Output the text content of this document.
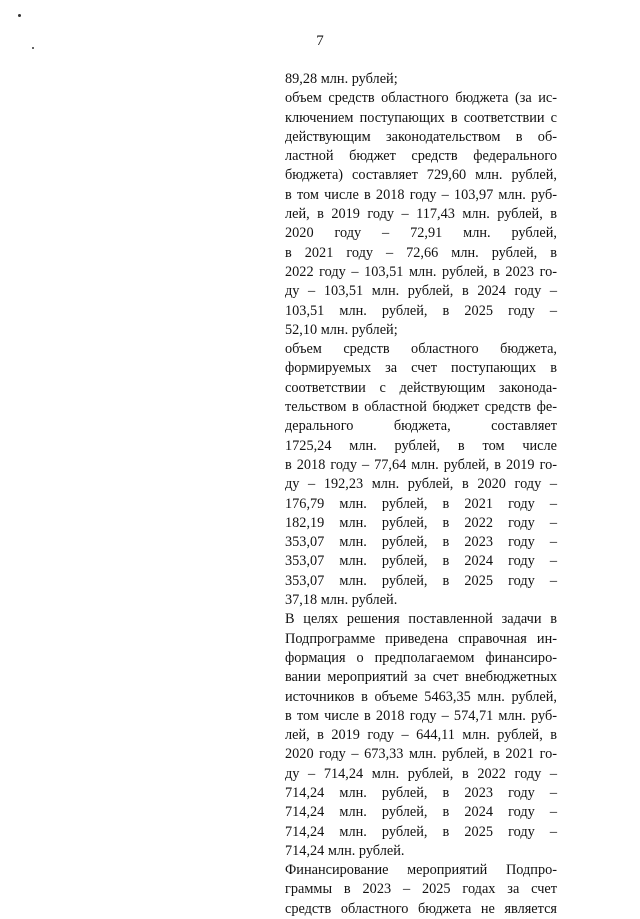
7
89,28 млн. рублей;
объем средств областного бюджета (за ис-
ключением поступающих в соответствии с
действующим законодательством в об-
ластной бюджет средств федерального
бюджета) составляет 729,60 млн. рублей,
в том числе в 2018 году – 103,97 млн. руб-
лей, в 2019 году – 117,43 млн. рублей, в
2020 году – 72,91 млн. рублей,
в 2021 году – 72,66 млн. рублей, в
2022 году – 103,51 млн. рублей, в 2023 го-
ду – 103,51 млн. рублей, в 2024 году –
103,51 млн. рублей, в 2025 году –
52,10 млн. рублей;
объем средств областного бюджета,
формируемых за счет поступающих в
соответствии с действующим законода-
тельством в областной бюджет средств фе-
дерального бюджета, составляет
1725,24 млн. рублей, в том числе
в 2018 году – 77,64 млн. рублей, в 2019 го-
ду – 192,23 млн. рублей, в 2020 году –
176,79 млн. рублей, в 2021 году –
182,19 млн. рублей, в 2022 году –
353,07 млн. рублей, в 2023 году –
353,07 млн. рублей, в 2024 году –
353,07 млн. рублей, в 2025 году –
37,18 млн. рублей.
В целях решения поставленной задачи в
Подпрограмме приведена справочная ин-
формация о предполагаемом финансиро-
вании мероприятий за счет внебюджетных
источников в объеме 5463,35 млн. рублей,
в том числе в 2018 году – 574,71 млн. руб-
лей, в 2019 году – 644,11 млн. рублей, в
2020 году – 673,33 млн. рублей, в 2021 го-
ду – 714,24 млн. рублей, в 2022 году –
714,24 млн. рублей, в 2023 году –
714,24 млн. рублей, в 2024 году –
714,24 млн. рублей, в 2025 году –
714,24 млн. рублей.
Финансирование мероприятий Подпро-
граммы в 2023 – 2025 годах за счет
средств областного бюджета не является
